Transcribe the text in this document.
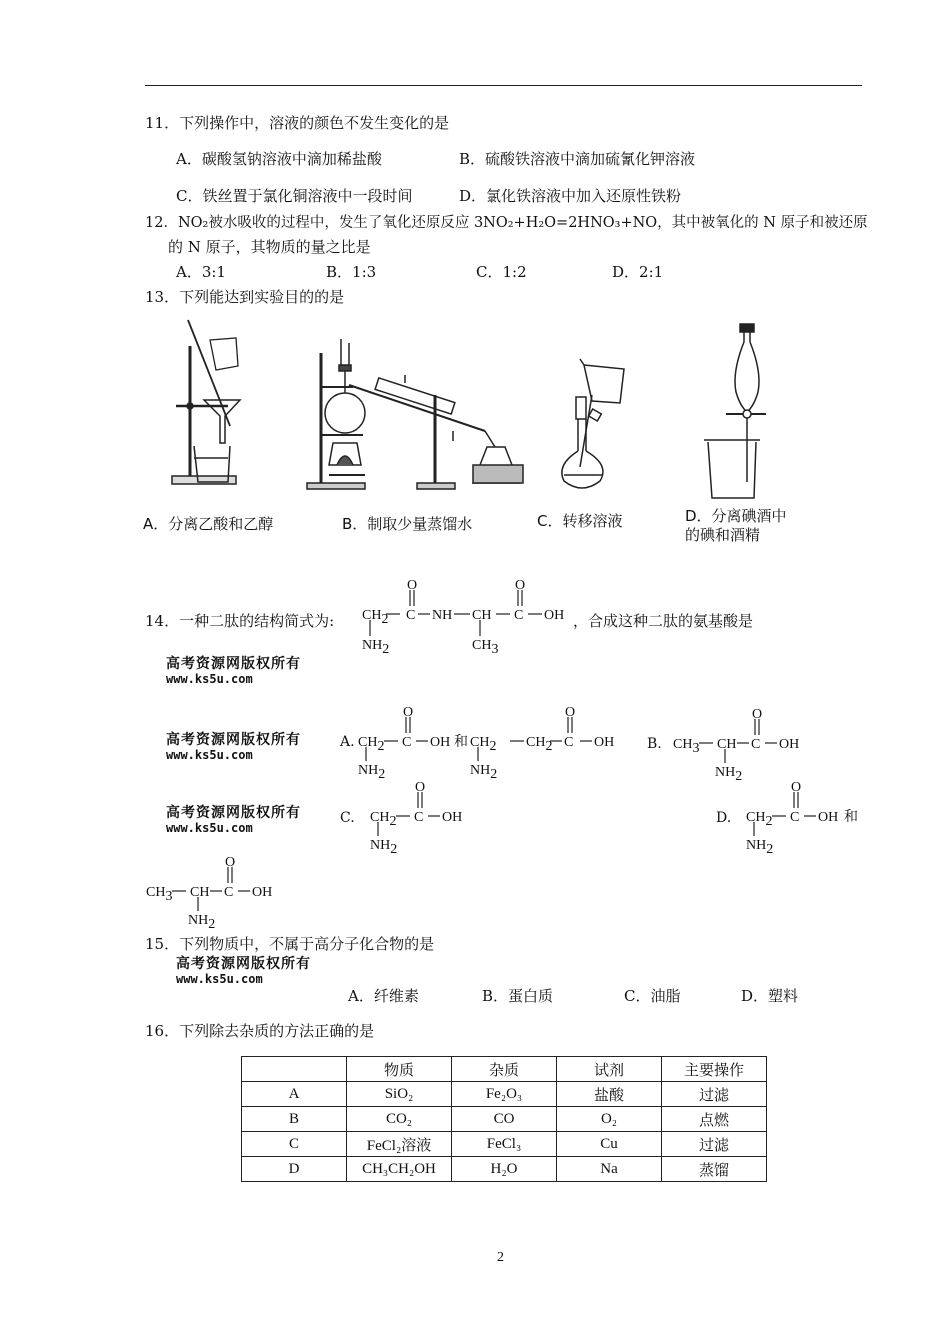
11．下列操作中，溶液的颜色不发生变化的是
A．碳酸氢钠溶液中滴加稀盐酸	B．硫酸铁溶液中滴加硫氰化钾溶液
C．铁丝置于氯化铜溶液中一段时间	D．氯化铁溶液中加入还原性铁粉
12．NO₂被水吸收的过程中，发生了氧化还原反应 3NO₂+H₂O=2HNO₃+NO，其中被氧化的 N 原子和被还原
的 N 原子，其物质的量之比是
A．3:1	B．1:3	C．1:2	D．2:1
13．下列能达到实验目的的是
A．分离乙酸和乙醇	B．制取少量蒸馏水	C．转移溶液	D．分离碘酒中
的碘和酒精
14．一种二肽的结构简式为: CH2 C
O
NH CH C
O
OH
NH2	CH3
，合成这种二肽的氨基酸是
高考资源网版权所有
www.ks5u.com
高考资源网版权所有
www.ks5u.com
高考资源网版权所有
www.ks5u.com
高考资源网版权所有
www.ks5u.com
A. CH2 C
O
OH
NH2
和 CH2 CH2 C
O
OH
NH2
B. CH3 CH C
O
OH
NH2
C. CH2 C
O
OH
NH2
D. CH2 C
O
OH 和
NH2
CH3 CH C
O
OH
NH2
15．下列物质中，不属于高分子化合物的是
A．纤维素	B．蛋白质	C．油脂	D．塑料
16．下列除去杂质的方法正确的是
	物质	杂质	试剂	主要操作
A	SiO₂	Fe₂O₃	盐酸	过滤
B	CO₂	CO	O₂	点燃
C	FeCl₂溶液	FeCl₃	Cu	过滤
D	CH₃CH₂OH	H₂O	Na	蒸馏
2
